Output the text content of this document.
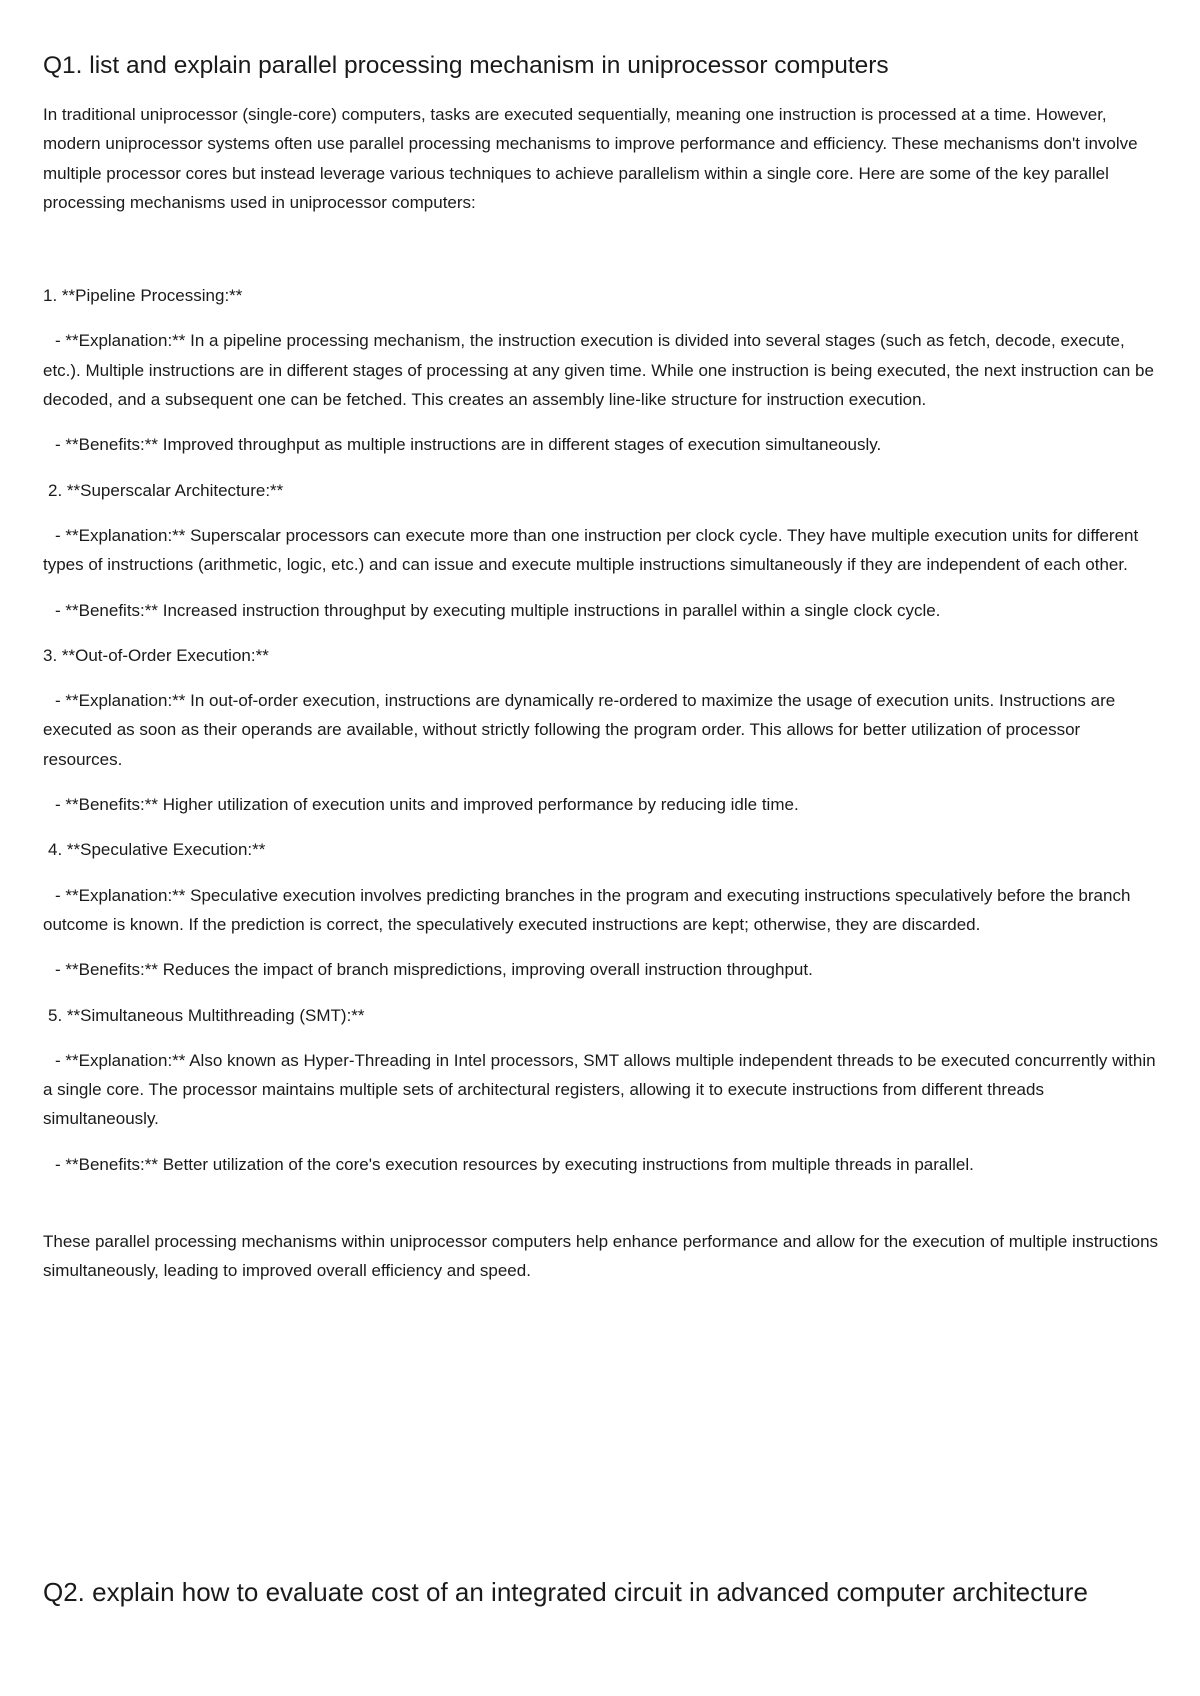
Q1. list and explain parallel processing mechanism in uniprocessor computers

In traditional uniprocessor (single-core) computers, tasks are executed sequentially, meaning one instruction is processed at a time. However, modern uniprocessor systems often use parallel processing mechanisms to improve performance and efficiency. These mechanisms don't involve multiple processor cores but instead leverage various techniques to achieve parallelism within a single core. Here are some of the key parallel processing mechanisms used in uniprocessor computers:

1. **Pipeline Processing:**

- **Explanation:** In a pipeline processing mechanism, the instruction execution is divided into several stages (such as fetch, decode, execute, etc.). Multiple instructions are in different stages of processing at any given time. While one instruction is being executed, the next instruction can be decoded, and a subsequent one can be fetched. This creates an assembly line-like structure for instruction execution.

- **Benefits:** Improved throughput as multiple instructions are in different stages of execution simultaneously.

2. **Superscalar Architecture:**

- **Explanation:** Superscalar processors can execute more than one instruction per clock cycle. They have multiple execution units for different types of instructions (arithmetic, logic, etc.) and can issue and execute multiple instructions simultaneously if they are independent of each other.

- **Benefits:** Increased instruction throughput by executing multiple instructions in parallel within a single clock cycle.

3. **Out-of-Order Execution:**

- **Explanation:** In out-of-order execution, instructions are dynamically re-ordered to maximize the usage of execution units. Instructions are executed as soon as their operands are available, without strictly following the program order. This allows for better utilization of processor resources.

- **Benefits:** Higher utilization of execution units and improved performance by reducing idle time.

4. **Speculative Execution:**

- **Explanation:** Speculative execution involves predicting branches in the program and executing instructions speculatively before the branch outcome is known. If the prediction is correct, the speculatively executed instructions are kept; otherwise, they are discarded.

- **Benefits:** Reduces the impact of branch mispredictions, improving overall instruction throughput.

5. **Simultaneous Multithreading (SMT):**

- **Explanation:** Also known as Hyper-Threading in Intel processors, SMT allows multiple independent threads to be executed concurrently within a single core. The processor maintains multiple sets of architectural registers, allowing it to execute instructions from different threads simultaneously.

- **Benefits:** Better utilization of the core's execution resources by executing instructions from multiple threads in parallel.

These parallel processing mechanisms within uniprocessor computers help enhance performance and allow for the execution of multiple instructions simultaneously, leading to improved overall efficiency and speed.

Q2. explain how to evaluate cost of an integrated circuit in advanced computer architecture
